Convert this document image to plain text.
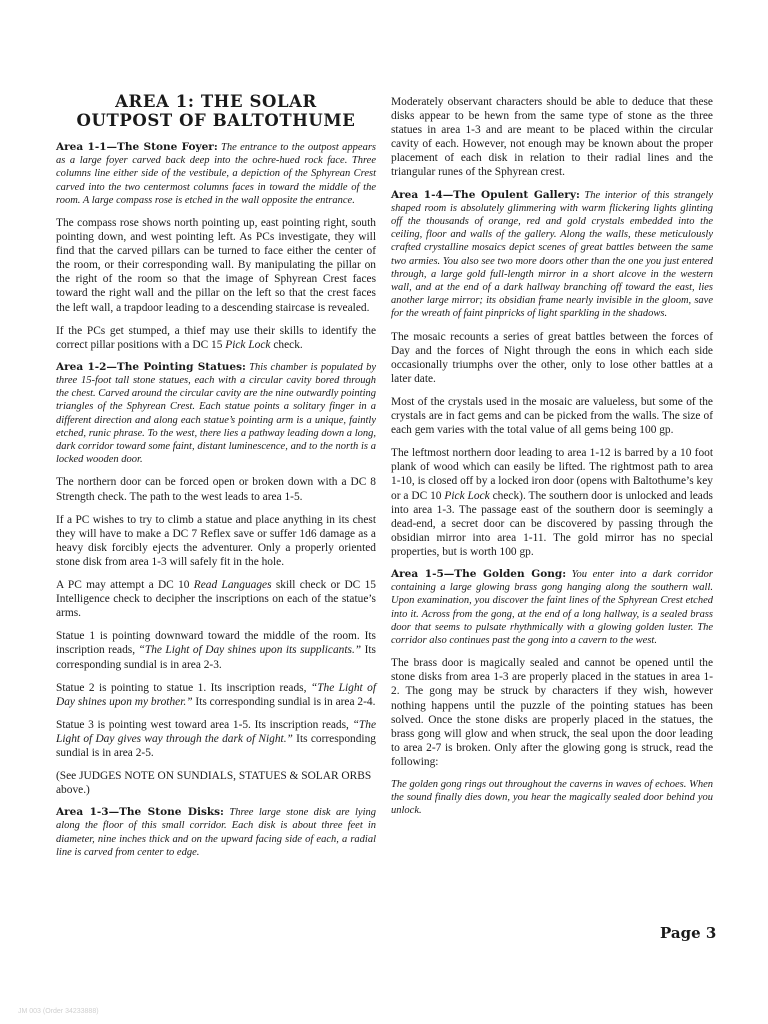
AREA 1: THE SOLAR
OUTPOST OF BALTOTHUME

Area 1-1—The Stone Foyer: The entrance to the outpost appears as a large foyer carved back deep into the ochre-hued rock face. Three columns line either side of the vestibule, a depiction of the Sphyrean Crest carved into the two centermost columns faces in toward the middle of the room. A large compass rose is etched in the wall opposite the entrance.

The compass rose shows north pointing up, east pointing right, south pointing down, and west pointing left. As PCs investigate, they will find that the carved pillars can be turned to face either the center of the room, or their corresponding wall. By manipulating the pillar on the right of the room so that the image of Sphyrean Crest faces toward the right wall and the pillar on the left so that the crest faces the left wall, a trapdoor leading to a descending staircase is revealed.

If the PCs get stumped, a thief may use their skills to identify the correct pillar positions with a DC 15 Pick Lock check.

Area 1-2—The Pointing Statues: This chamber is populated by three 15-foot tall stone statues, each with a circular cavity bored through the chest. Carved around the circular cavity are the nine outwardly pointing triangles of the Sphyrean Crest. Each statue points a solitary finger in a different direction and along each statue’s pointing arm is a unique, faintly etched, runic phrase. To the west, there lies a pathway leading down a long, dark corridor toward some faint, distant luminescence, and to the north is a locked wooden door.

The northern door can be forced open or broken down with a DC 8 Strength check. The path to the west leads to area 1-5.

If a PC wishes to try to climb a statue and place anything in its chest they will have to make a DC 7 Reflex save or suffer 1d6 damage as a heavy disk forcibly ejects the adventurer. Only a properly oriented stone disk from area 1-3 will safely fit in the hole.

A PC may attempt a DC 10 Read Languages skill check or DC 15 Intelligence check to decipher the inscriptions on each of the statue’s arms.

Statue 1 is pointing downward toward the middle of the room. Its inscription reads, “The Light of Day shines upon its supplicants.” Its corresponding sundial is in area 2-3.

Statue 2 is pointing to statue 1. Its inscription reads, “The Light of Day shines upon my brother.” Its corresponding sundial is in area 2-4.

Statue 3 is pointing west toward area 1-5. Its inscription reads, “The Light of Day gives way through the dark of Night.” Its corresponding sundial is in area 2-5.

(See JUDGES NOTE ON SUNDIALS, STATUES & SOLAR ORBS above.)

Area 1-3—The Stone Disks: Three large stone disk are lying along the floor of this small corridor. Each disk is about three feet in diameter, nine inches thick and on the upward facing side of each, a radial line is carved from center to edge.

Moderately observant characters should be able to deduce that these disks appear to be hewn from the same type of stone as the three statues in area 1-3 and are meant to be placed within the circular cavity of each. However, not enough may be known about the proper placement of each disk in relation to their radial lines and the triangular runes of the Sphyrean crest.

Area 1-4—The Opulent Gallery: The interior of this strangely shaped room is absolutely glimmering with warm flickering lights glinting off the thousands of orange, red and gold crystals embedded into the ceiling, floor and walls of the gallery. Along the walls, these meticulously crafted crystalline mosaics depict scenes of great battles between the same two armies. You also see two more doors other than the one you just entered through, a large gold full-length mirror in a short alcove in the western wall, and at the end of a dark hallway branching off toward the east, lies another large mirror; its obsidian frame nearly invisible in the gloom, save for the wreath of faint pinpricks of light sparkling in the shadows.

The mosaic recounts a series of great battles between the forces of Day and the forces of Night through the eons in which each side occasionally triumphs over the other, only to lose other battles at a later date.

Most of the crystals used in the mosaic are valueless, but some of the crystals are in fact gems and can be picked from the walls. The size of each gem varies with the total value of all gems being 100 gp.

The leftmost northern door leading to area 1-12 is barred by a 10 foot plank of wood which can easily be lifted. The rightmost path to area 1-10, is closed off by a locked iron door (opens with Baltothume’s key or a DC 10 Pick Lock check). The southern door is unlocked and leads into area 1-3. The passage east of the southern door is seemingly a dead-end, a secret door can be discovered by passing through the obsidian mirror into area 1-11. The gold mirror has no special properties, but is worth 100 gp.

Area 1-5—The Golden Gong: You enter into a dark corridor containing a large glowing brass gong hanging along the southern wall. Upon examination, you discover the faint lines of the Sphyrean Crest etched into it. Across from the gong, at the end of a long hallway, is a sealed brass door that seems to pulsate rhythmically with a glowing golden luster. The corridor also continues past the gong into a cavern to the west.

The brass door is magically sealed and cannot be opened until the stone disks from area 1-3 are properly placed in the statues in area 1-2. The gong may be struck by characters if they wish, however nothing happens until the puzzle of the pointing statues has been solved. Once the stone disks are properly placed in the statues, the brass gong will glow and when struck, the seal upon the door leading to area 2-7 is broken. Only after the glowing gong is struck, read the following:

The golden gong rings out throughout the caverns in waves of echoes. When the sound finally dies down, you hear the magically sealed door behind you unlock.

Page 3

JM 003 (Order 34233888)
